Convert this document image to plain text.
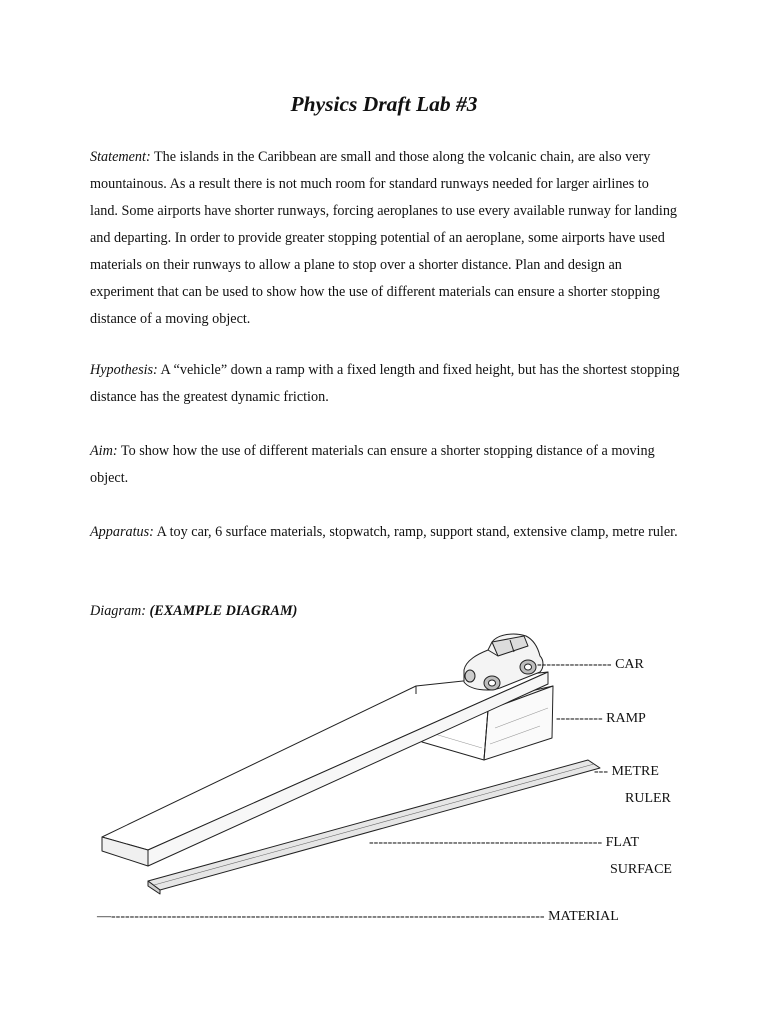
Physics Draft Lab #3

Statement: The islands in the Caribbean are small and those along the volcanic chain, are also very mountainous. As a result there is not much room for standard runways needed for larger airlines to land. Some airports have shorter runways, forcing aeroplanes to use every available runway for landing and departing. In order to provide greater stopping potential of an aeroplane, some airports have used materials on their runways to allow a plane to stop over a shorter distance. Plan and design an experiment that can be used to show how the use of different materials can ensure a shorter stopping distance of a moving object.

Hypothesis: A “vehicle” down a ramp with a fixed length and fixed height, but has the shortest stopping distance has the greatest dynamic friction.

Aim: To show how the use of different materials can ensure a shorter stopping distance of a moving object.

Apparatus: A toy car, 6 surface materials, stopwatch, ramp, support stand, extensive clamp, metre ruler.

Diagram: (EXAMPLE DIAGRAM)

---------------- CAR
---------- RAMP
--- METRE
RULER
-------------------------------------------------- FLAT
SURFACE
—--------------------------------------------------------------------------------------------- MATERIAL
